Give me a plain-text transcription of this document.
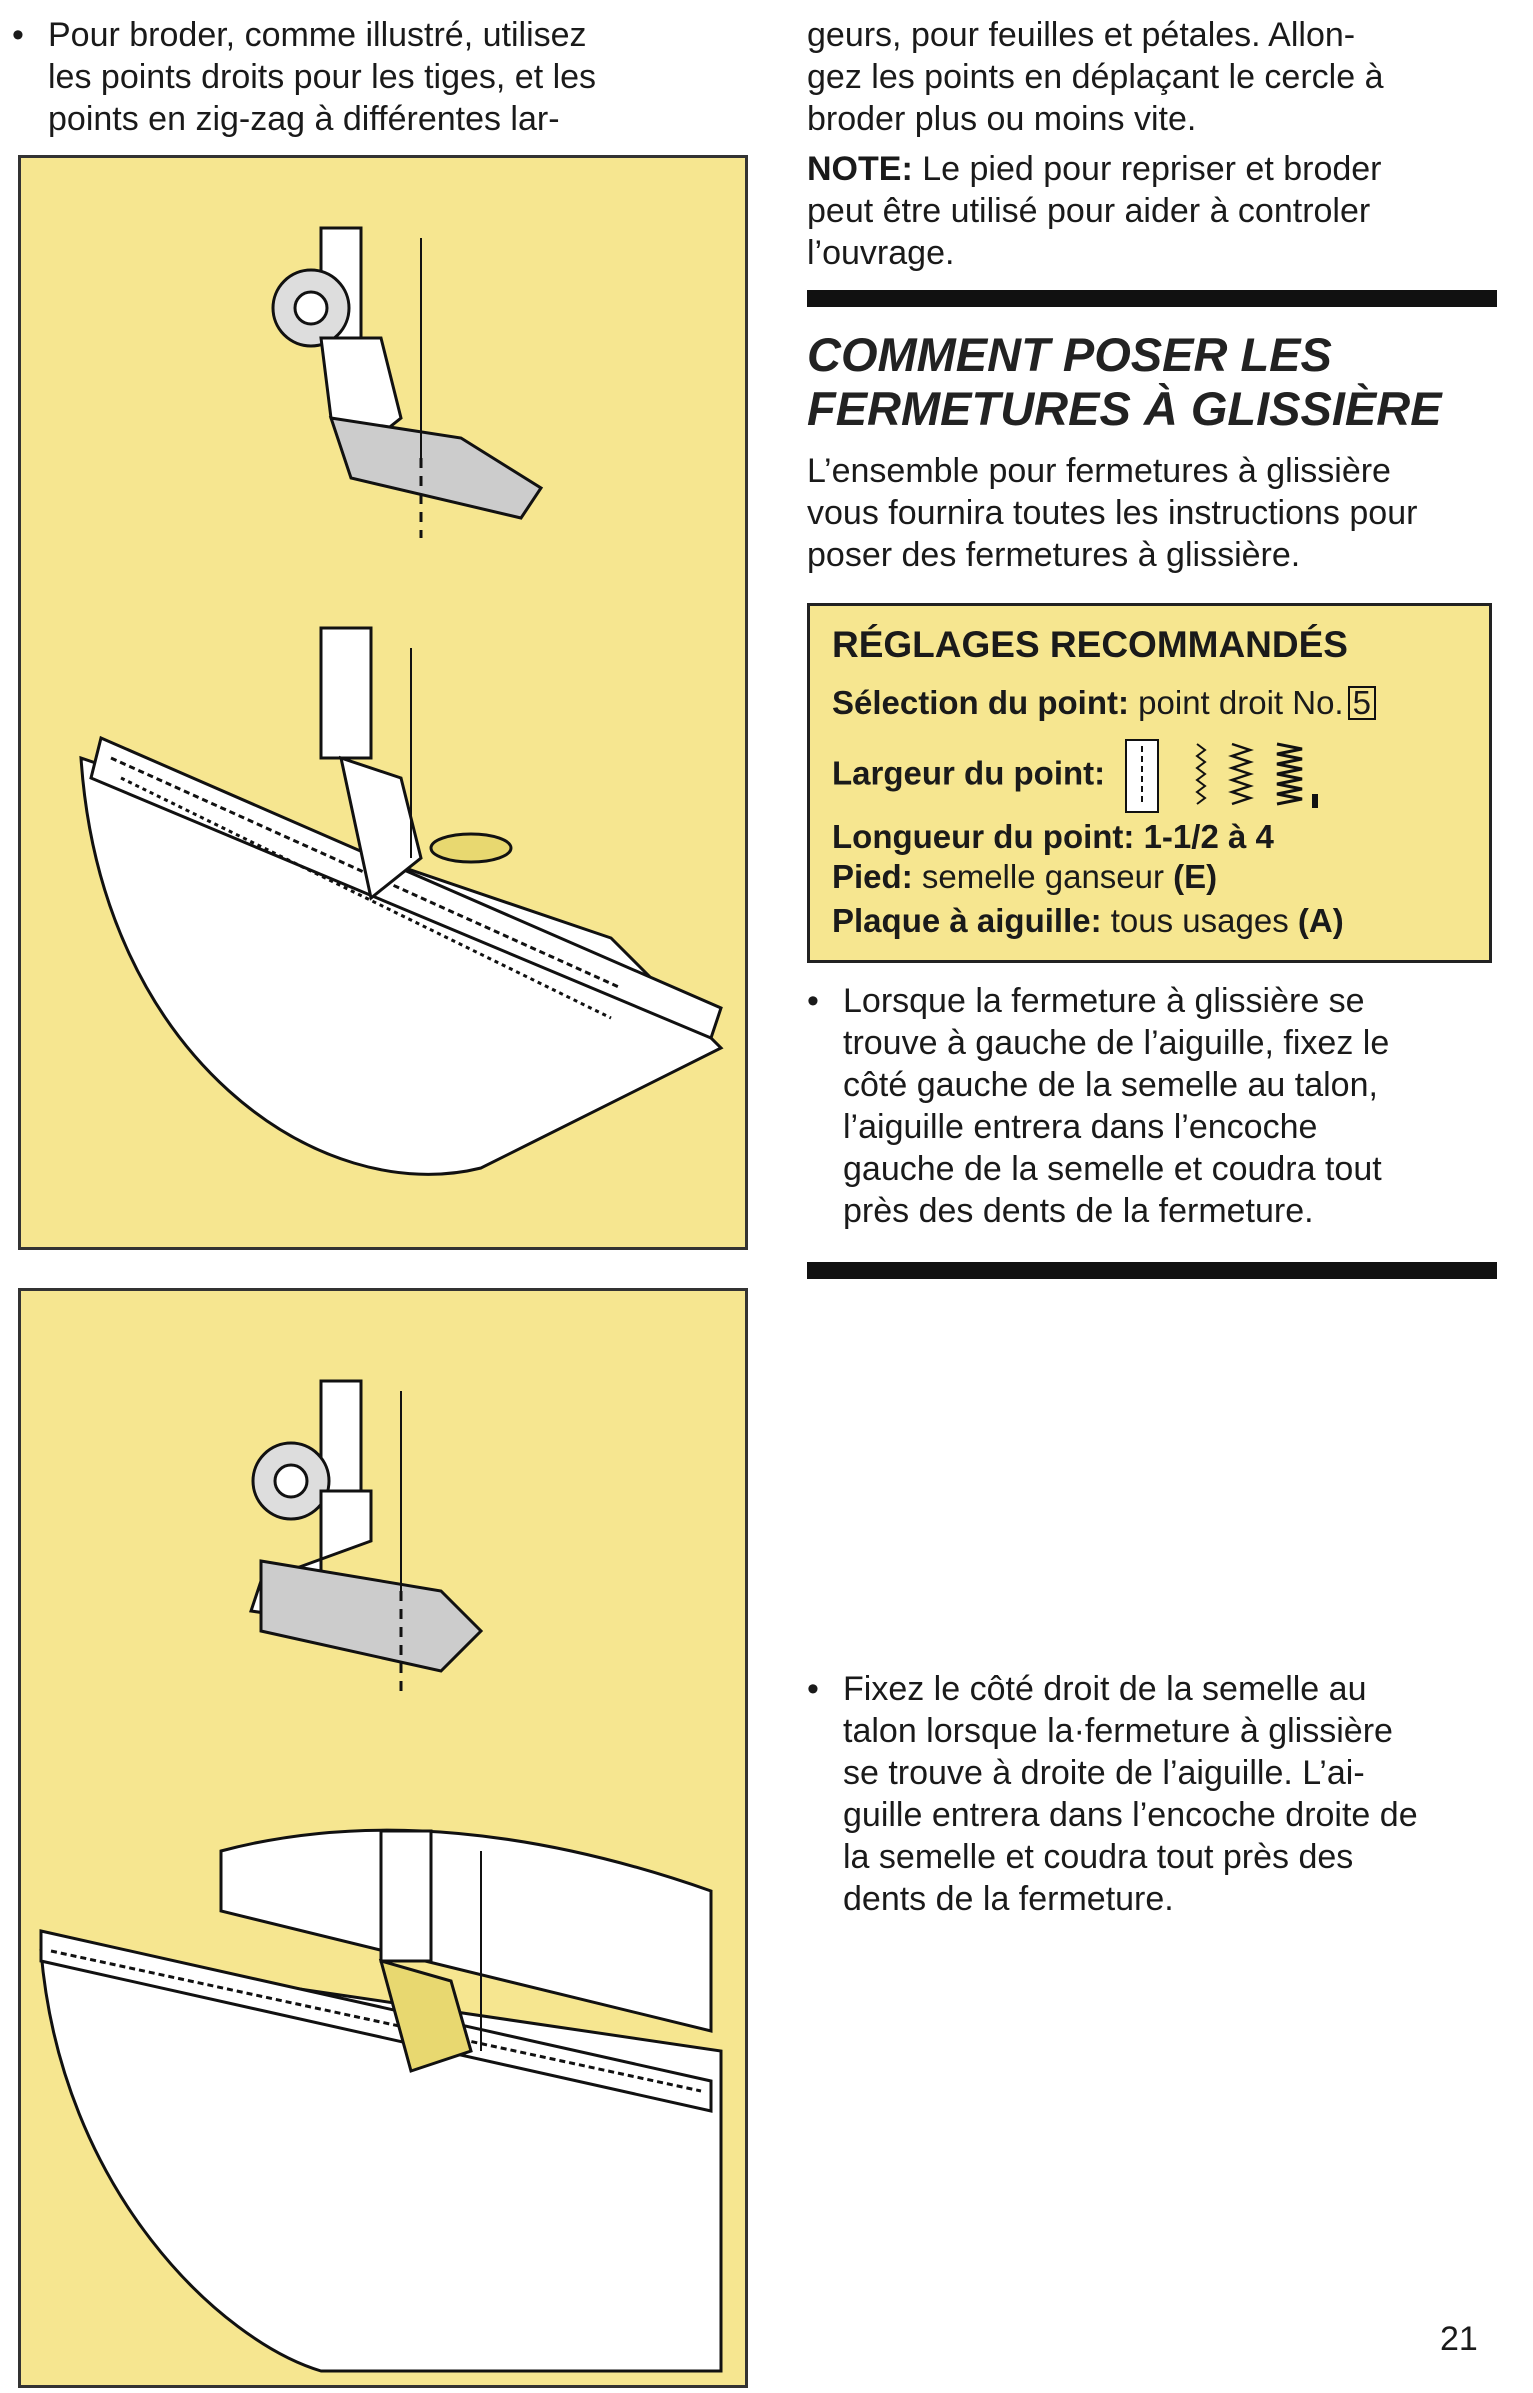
• Pour broder, comme illustré, utilisez
les points droits pour les tiges, et les
points en zig-zag à différentes lar-
geurs, pour feuilles et pétales. Allon-
gez les points en déplaçant le cercle à
broder plus ou moins vite.
NOTE: Le pied pour repriser et broder
peut être utilisé pour aider à controler
l’ouvrage.
COMMENT POSER LES
FERMETURES À GLISSIÈRE
L’ensemble pour fermetures à glissière
vous fournira toutes les instructions pour
poser des fermetures à glissière.
RÉGLAGES RECOMMANDÉS
Sélection du point: point droit No. 5
Largeur du point:
Longueur du point: 1-1/2 à 4
Pied: semelle ganseur (E)
Plaque à aiguille: tous usages (A)
• Lorsque la fermeture à glissière se
trouve à gauche de l’aiguille, fixez le
côté gauche de la semelle au talon,
l’aiguille entrera dans l’encoche
gauche de la semelle et coudra tout
près des dents de la fermeture.
• Fixez le côté droit de la semelle au
talon lorsque la·fermeture à glissière
se trouve à droite de l’aiguille. L’ai-
guille entrera dans l’encoche droite de
la semelle et coudra tout près des
dents de la fermeture.
21
